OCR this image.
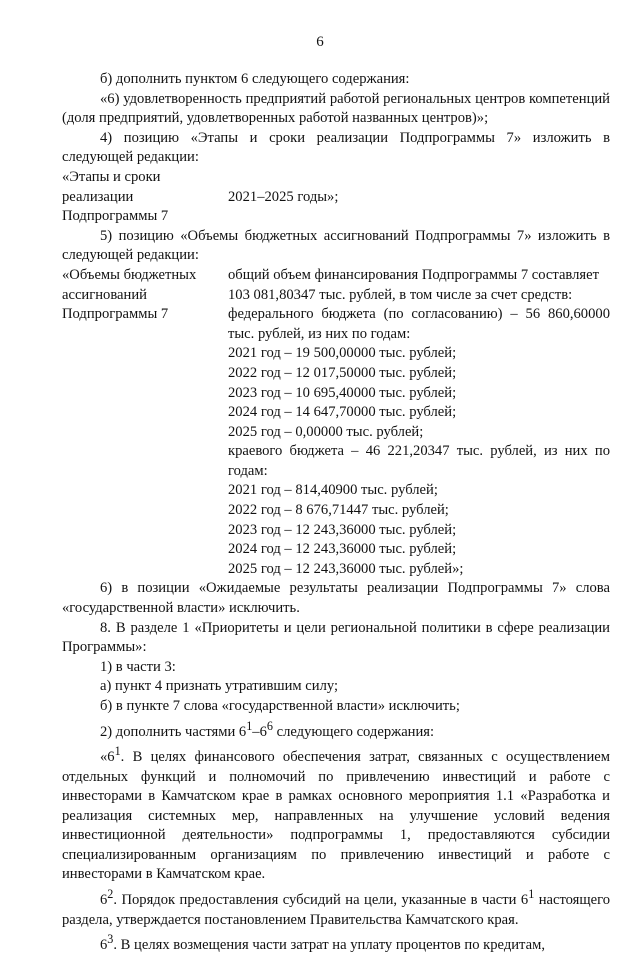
6

б) дополнить пунктом 6 следующего содержания:

«6) удовлетворенность предприятий работой региональных центров компетенций (доля предприятий, удовлетворенных работой названных центров)»;

4) позицию «Этапы и сроки реализации Подпрограммы 7» изложить в следующей редакции:

«Этапы и сроки
реализации	2021–2025 годы»;
Подпрограммы 7

5) позицию «Объемы бюджетных ассигнований Подпрограммы 7» изложить в следующей редакции:

«Объемы бюджетных	общий объем финансирования Подпрограммы 7 составляет
ассигнований	103 081,80347 тыс. рублей, в том числе за счет средств:
Подпрограммы 7	федерального бюджета (по согласованию) – 56 860,60000 тыс. рублей, из них по годам:

2021 год – 19 500,00000 тыс. рублей;

2022 год – 12 017,50000 тыс. рублей;

2023 год – 10 695,40000 тыс. рублей;

2024 год – 14 647,70000 тыс. рублей;

2025 год – 0,00000 тыс. рублей;

краевого бюджета – 46 221,20347 тыс. рублей, из них по годам:

2021 год – 814,40900 тыс. рублей;

2022 год – 8 676,71447 тыс. рублей;

2023 год – 12 243,36000 тыс. рублей;

2024 год – 12 243,36000 тыс. рублей;

2025 год – 12 243,36000 тыс. рублей»;

6) в позиции «Ожидаемые результаты реализации Подпрограммы 7» слова «государственной власти» исключить.

8. В разделе 1 «Приоритеты и цели региональной политики в сфере реализации Программы»:

1) в части 3:

а) пункт 4 признать утратившим силу;

б) в пункте 7 слова «государственной власти» исключить;

2) дополнить частями $6^1-6^6$ следующего содержания:

«$6^1$. В целях финансового обеспечения затрат, связанных с осуществлением отдельных функций и полномочий по привлечению инвестиций и работе с инвесторами в Камчатском крае в рамках основного мероприятия 1.1 «Разработка и реализация системных мер, направленных на улучшение условий ведения инвестиционной деятельности» подпрограммы 1, предоставляются субсидии специализированным организациям по привлечению инвестиций и работе с инвесторами в Камчатском крае.

$6^2$. Порядок предоставления субсидий на цели, указанные в части $6^1$ настоящего раздела, утверждается постановлением Правительства Камчатского края.

$6^3$. В целях возмещения части затрат на уплату процентов по кредитам,
